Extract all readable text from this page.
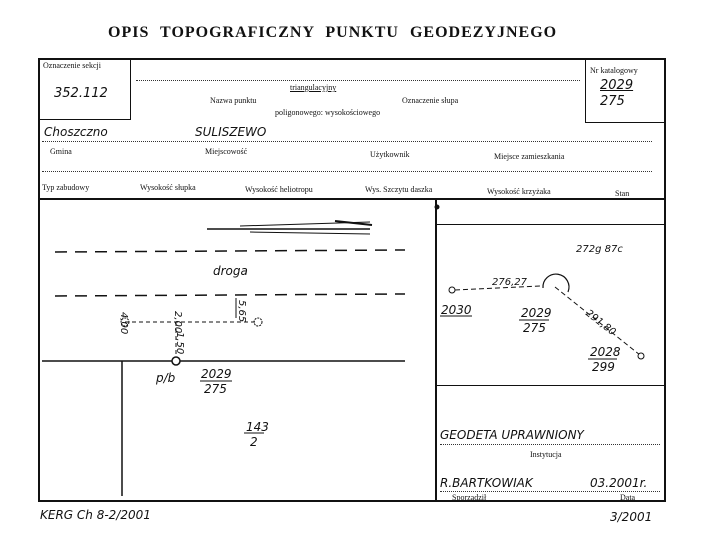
OPIS TOPOGRAFICZNY PUNKTU GEODEZYJNEGO
Oznaczenie sekcji
352.112	triangulacyjny
Nazwa punktu	Oznaczenie słupa
poligonowego: wysokościowego
Nr katalogowy
2029
275
Choszczno	SULISZEWO
Gmina	Miejscowość	Użytkownik	Miejsce zamieszkania
Typ zabudowy	Wysokość słupka	Wysokość heliotropu	Wys. Szczytu daszka	Wysokość krzyżaka	Stan
droga
4,00	2,00	5,65
1,50
p/b 2029
275
143
2
272g 87c
2030
276,27
2029
275	291,80
2028
299
GEODETA UPRAWNIONY
Instytucja
R.BARTKOWIAK	03.2001r.
Sporządził	Data
KERG Ch 8-2/2001	3/2001
